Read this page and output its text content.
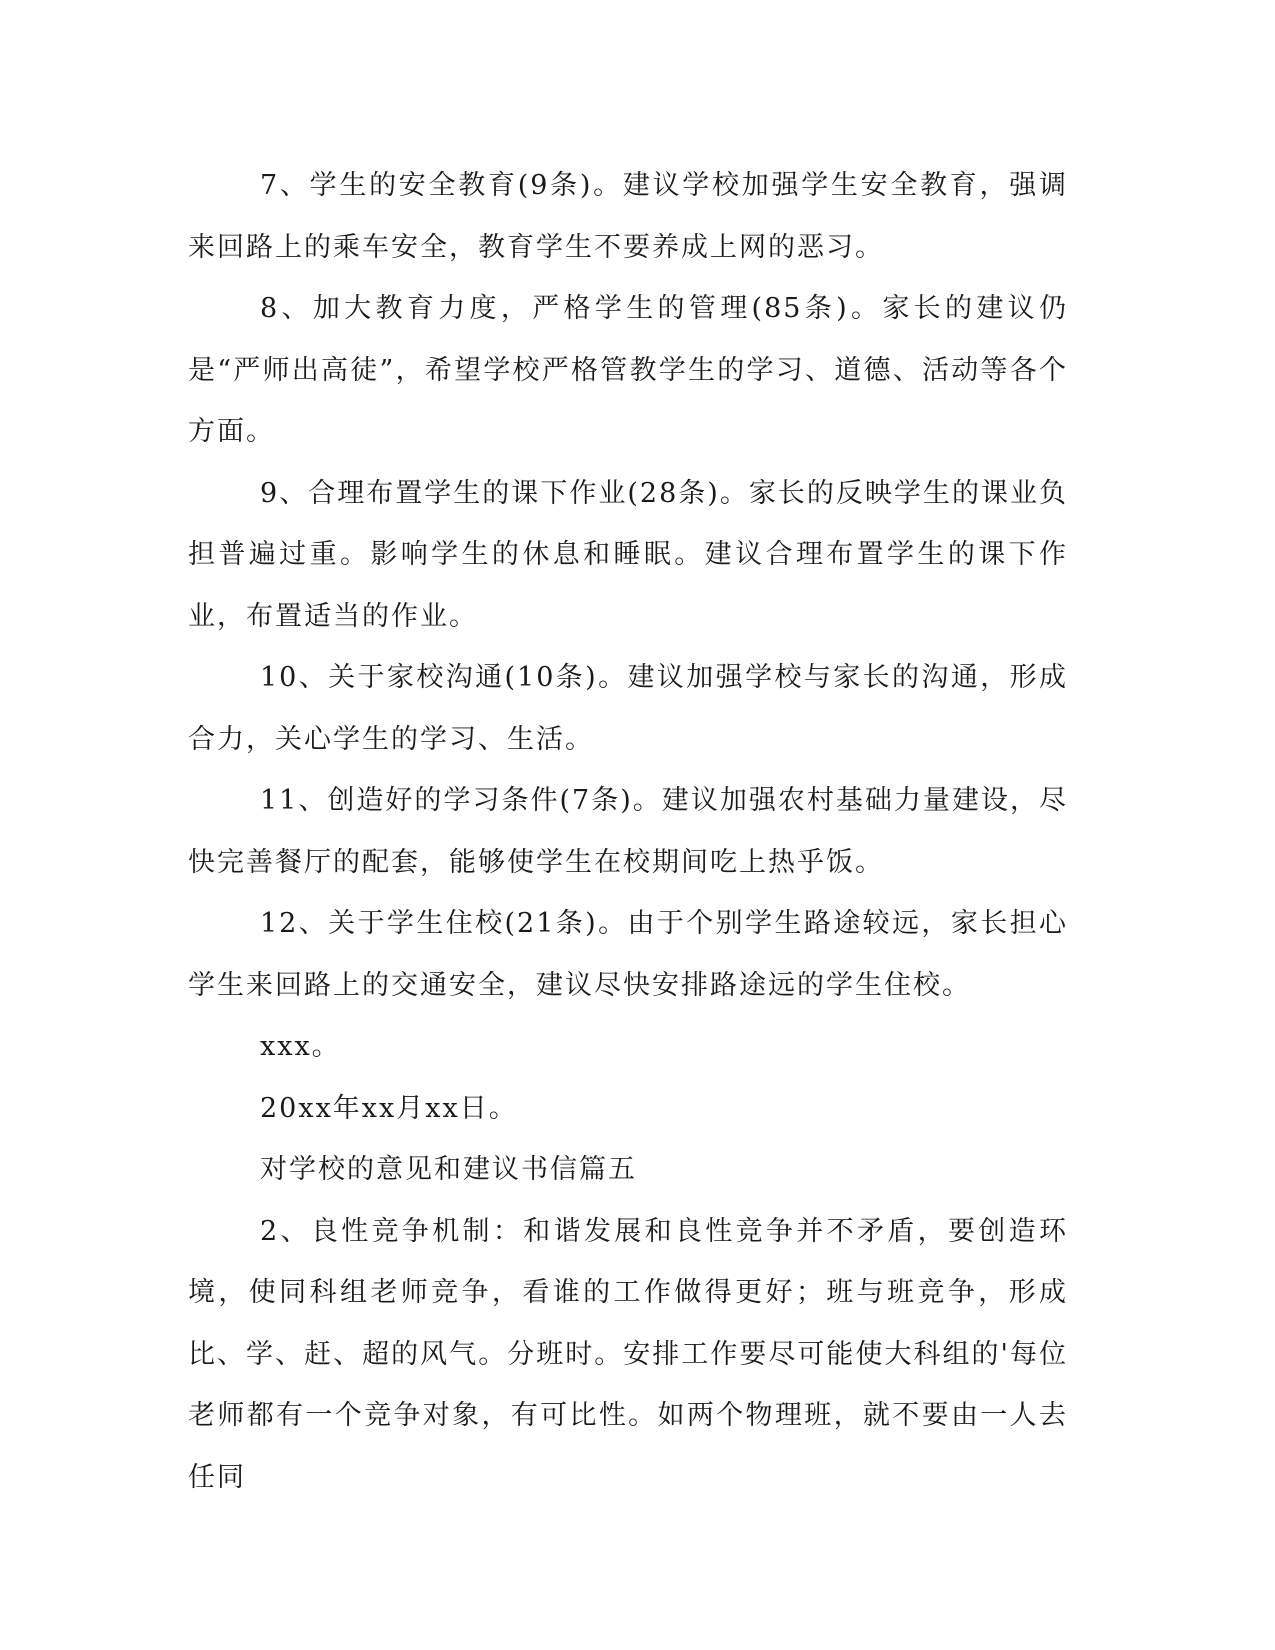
7、学生的安全教育(9条)。建议学校加强学生安全教育，强调来回路上的乘车安全，教育学生不要养成上网的恶习。

8、加大教育力度，严格学生的管理(85条)。家长的建议仍是“严师出高徒”，希望学校严格管教学生的学习、道德、活动等各个方面。

9、合理布置学生的课下作业(28条)。家长的反映学生的课业负担普遍过重。影响学生的休息和睡眠。建议合理布置学生的课下作业，布置适当的作业。

10、关于家校沟通(10条)。建议加强学校与家长的沟通，形成合力，关心学生的学习、生活。

11、创造好的学习条件(7条)。建议加强农村基础力量建设，尽快完善餐厅的配套，能够使学生在校期间吃上热乎饭。

12、关于学生住校(21条)。由于个别学生路途较远，家长担心学生来回路上的交通安全，建议尽快安排路途远的学生住校。

xxx。

20xx年xx月xx日。

对学校的意见和建议书信篇五

2、良性竞争机制：和谐发展和良性竞争并不矛盾，要创造环境，使同科组老师竞争，看谁的工作做得更好；班与班竞争，形成比、学、赶、超的风气。分班时。安排工作要尽可能使大科组的'每位老师都有一个竞争对象，有可比性。如两个物理班，就不要由一人去任同
